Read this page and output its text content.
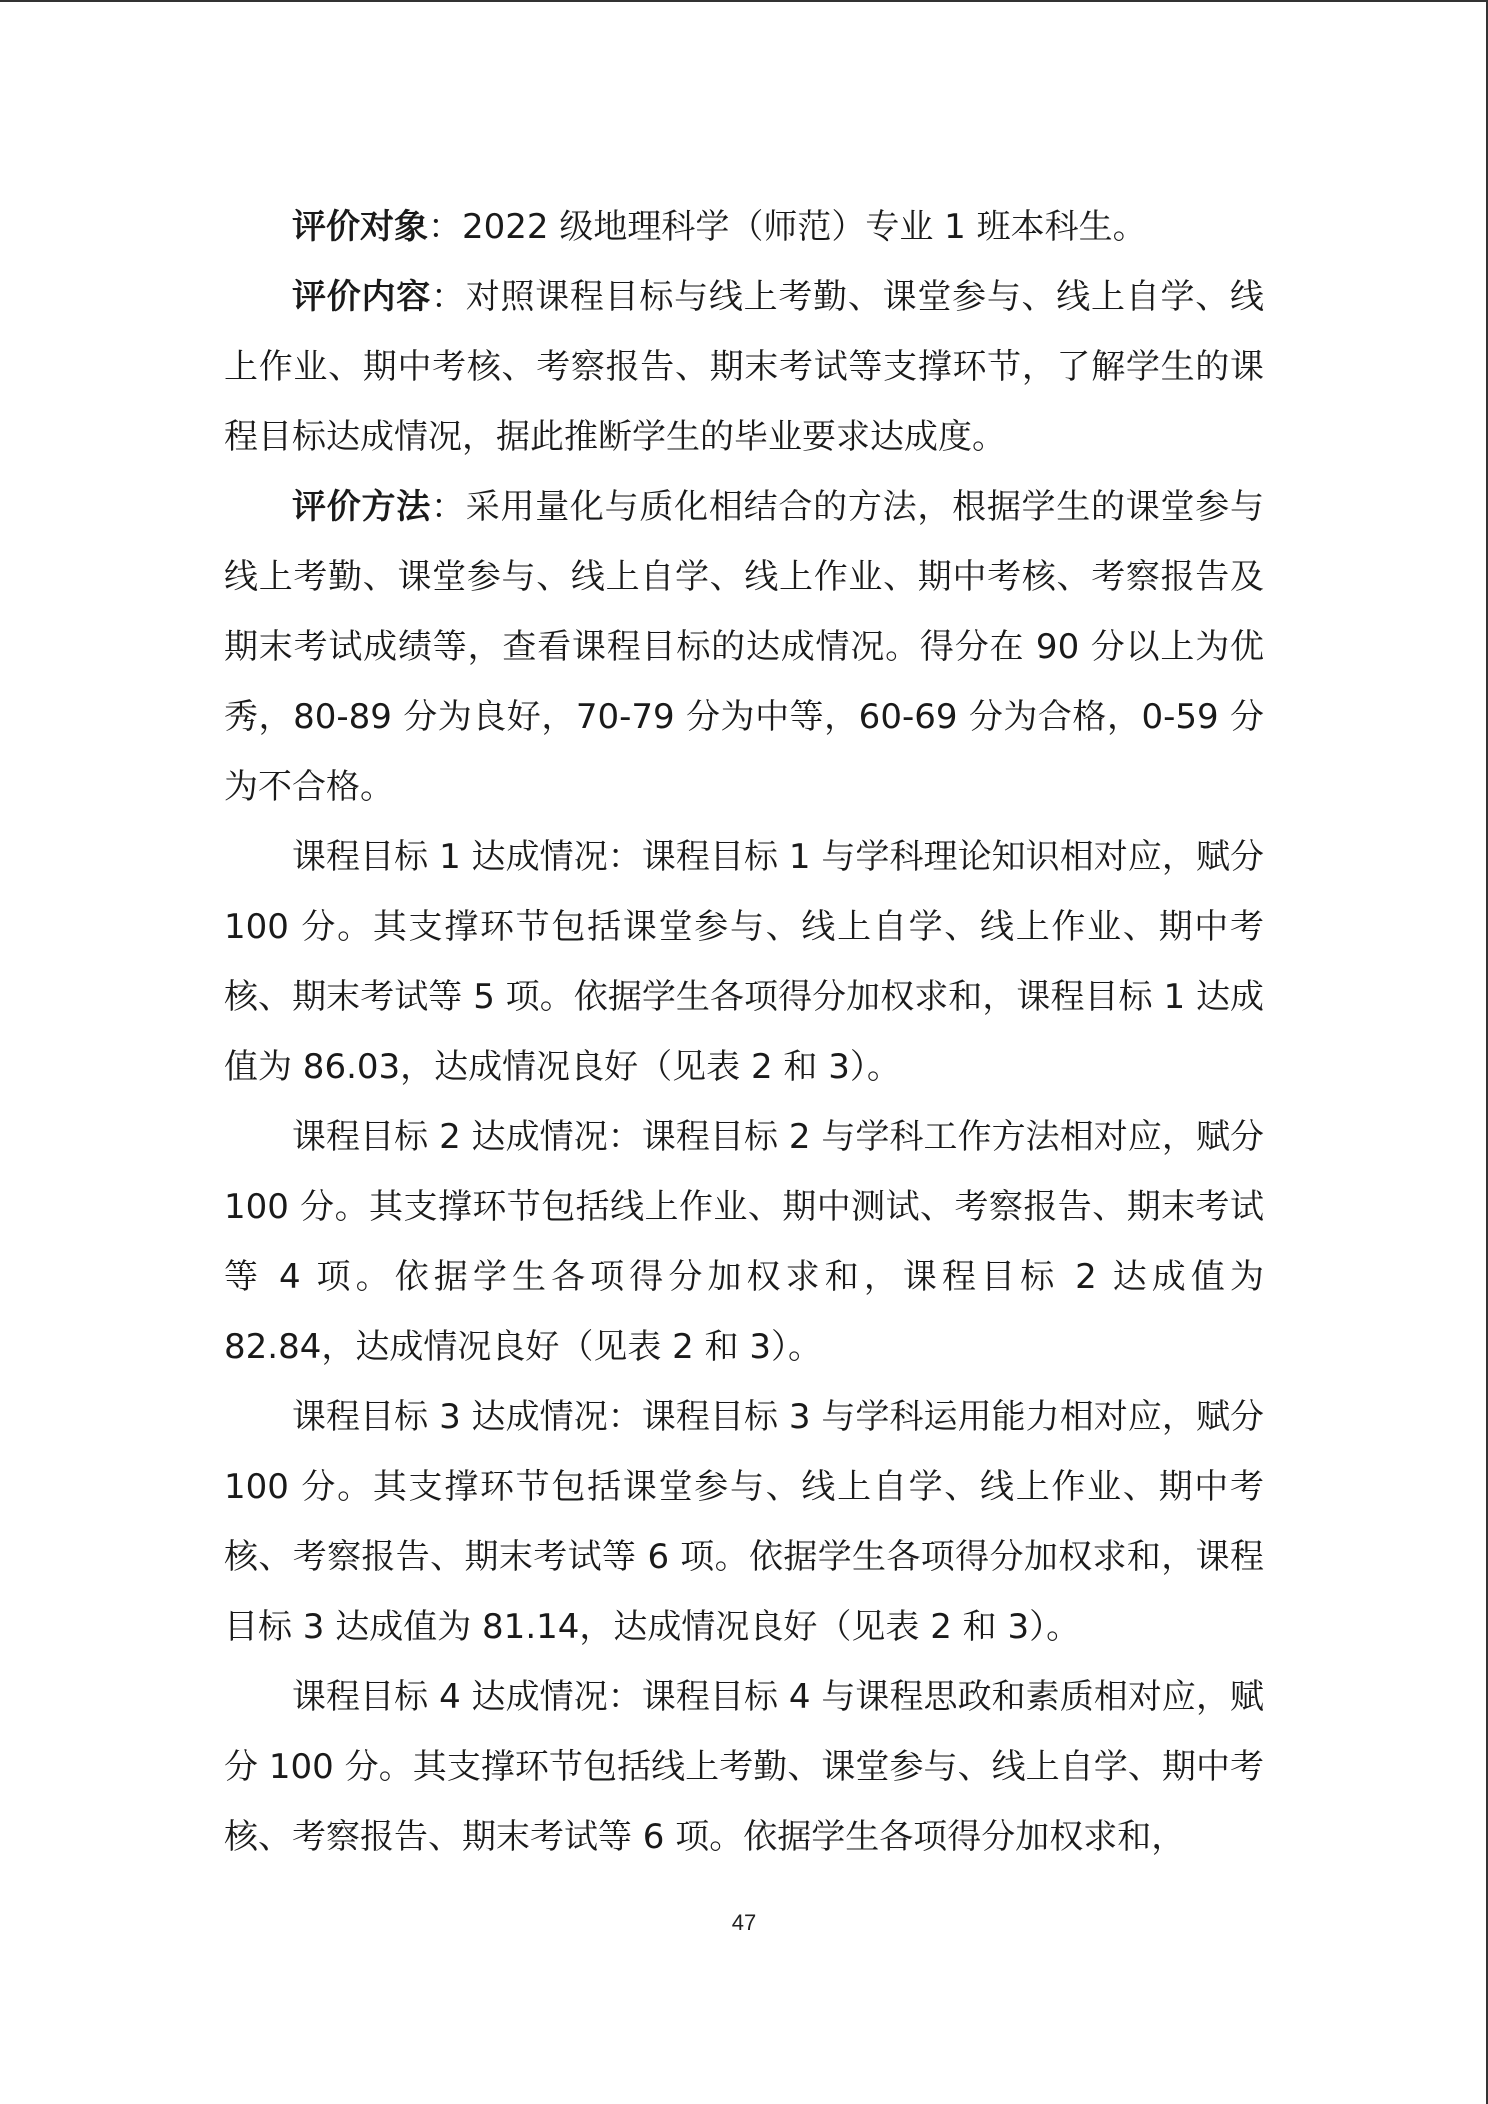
评价对象：2022 级地理科学（师范）专业 1 班本科生。

评价内容：对照课程目标与线上考勤、课堂参与、线上自学、线上作业、期中考核、考察报告、期末考试等支撑环节，了解学生的课程目标达成情况，据此推断学生的毕业要求达成度。

评价方法：采用量化与质化相结合的方法，根据学生的课堂参与线上考勤、课堂参与、线上自学、线上作业、期中考核、考察报告及期末考试成绩等，查看课程目标的达成情况。得分在 90 分以上为优秀，80-89 分为良好，70-79 分为中等，60-69 分为合格，0-59 分为不合格。

课程目标 1 达成情况：课程目标 1 与学科理论知识相对应，赋分 100 分。其支撑环节包括课堂参与、线上自学、线上作业、期中考核、期末考试等 5 项。依据学生各项得分加权求和，课程目标 1 达成值为 86.03，达成情况良好（见表 2 和 3）。

课程目标 2 达成情况：课程目标 2 与学科工作方法相对应，赋分 100 分。其支撑环节包括线上作业、期中测试、考察报告、期末考试等 4 项。依据学生各项得分加权求和，课程目标 2 达成值为 82.84，达成情况良好（见表 2 和 3）。

课程目标 3 达成情况：课程目标 3 与学科运用能力相对应，赋分 100 分。其支撑环节包括课堂参与、线上自学、线上作业、期中考核、考察报告、期末考试等 6 项。依据学生各项得分加权求和，课程目标 3 达成值为 81.14，达成情况良好（见表 2 和 3）。

课程目标 4 达成情况：课程目标 4 与课程思政和素质相对应，赋分 100 分。其支撑环节包括线上考勤、课堂参与、线上自学、期中考核、考察报告、期末考试等 6 项。依据学生各项得分加权求和，

47
